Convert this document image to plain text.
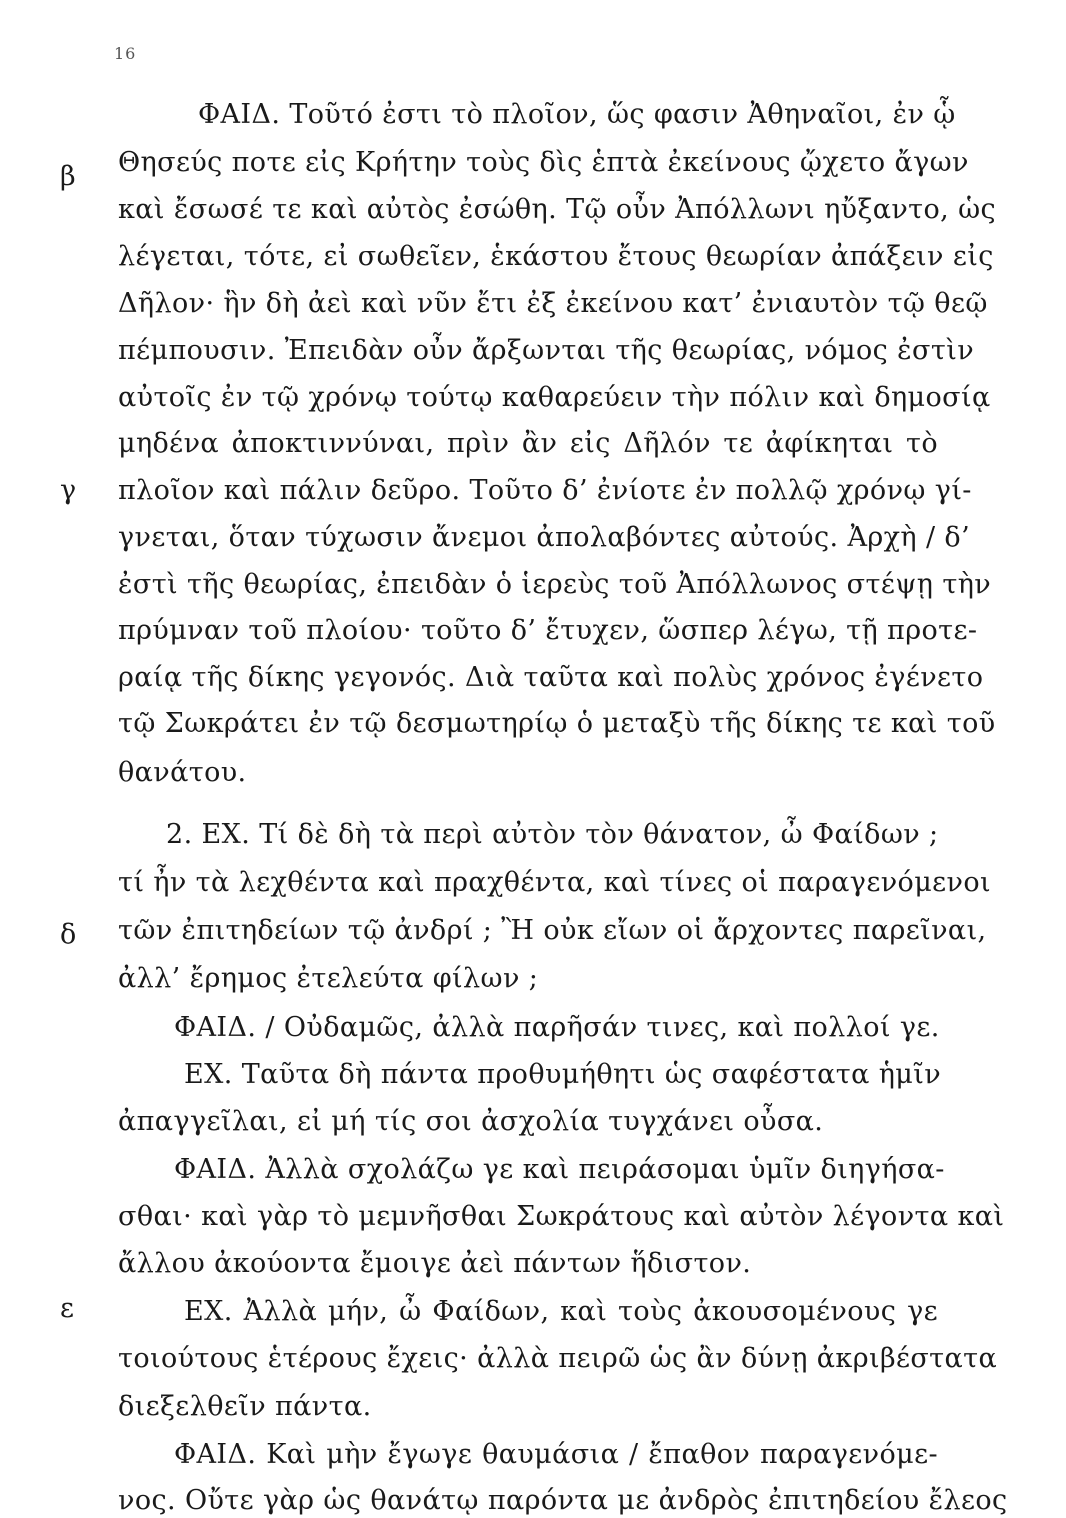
16
β
γ
δ
ε
ΦΑΙΔ. Τοῦτό ἐστι τὸ πλοῖον, ὥς φασιν Ἀθηναῖοι, ἐν ᾧ
Θησεύς ποτε εἰς Κρήτην τοὺς δὶς ἑπτὰ ἐκείνους ᾤχετο ἄγων
καὶ ἔσωσέ τε καὶ αὐτὸς ἐσώθη. Τῷ οὖν Ἀπόλλωνι ηὔξαντο, ὡς
λέγεται, τότε, εἰ σωθεῖεν, ἑκάστου ἔτους θεωρίαν ἀπάξειν εἰς
Δῆλον· ἣν δὴ ἀεὶ καὶ νῦν ἔτι ἐξ ἐκείνου κατ’ ἐνιαυτὸν τῷ θεῷ
πέμπουσιν. Ἐπειδὰν οὖν ἄρξωνται τῆς θεωρίας, νόμος ἐστὶν
αὐτοῖς ἐν τῷ χρόνῳ τούτῳ καθαρεύειν τὴν πόλιν καὶ δημοσίᾳ
μηδένα ἀποκτιννύναι, πρὶν ἂν εἰς Δῆλόν τε ἀφίκηται τὸ
πλοῖον καὶ πάλιν δεῦρο. Τοῦτο δ’ ἐνίοτε ἐν πολλῷ χρόνῳ γί-
γνεται, ὅταν τύχωσιν ἄνεμοι ἀπολαβόντες αὐτούς. Ἀρχὴ / δ’
ἐστὶ τῆς θεωρίας, ἐπειδὰν ὁ ἱερεὺς τοῦ Ἀπόλλωνος στέψῃ τὴν
πρύμναν τοῦ πλοίου· τοῦτο δ’ ἔτυχεν, ὥσπερ λέγω, τῇ προτε-
ραίᾳ τῆς δίκης γεγονός. Διὰ ταῦτα καὶ πολὺς χρόνος ἐγένετο
τῷ Σωκράτει ἐν τῷ δεσμωτηρίῳ ὁ μεταξὺ τῆς δίκης τε καὶ τοῦ
θανάτου.
2. ΕΧ. Τί δὲ δὴ τὰ περὶ αὐτὸν τὸν θάνατον, ὦ Φαίδων ;
τί ἦν τὰ λεχθέντα καὶ πραχθέντα, καὶ τίνες οἱ παραγενόμενοι
τῶν ἐπιτηδείων τῷ ἀνδρί ; Ἢ οὐκ εἴων οἱ ἄρχοντες παρεῖναι,
ἀλλ’ ἔρημος ἐτελεύτα φίλων ;
ΦΑΙΔ. / Οὐδαμῶς, ἀλλὰ παρῆσάν τινες, καὶ πολλοί γε.
ΕΧ. Ταῦτα δὴ πάντα προθυμήθητι ὡς σαφέστατα ἡμῖν
ἀπαγγεῖλαι, εἰ μή τίς σοι ἀσχολία τυγχάνει οὖσα.
ΦΑΙΔ. Ἀλλὰ σχολάζω γε καὶ πειράσομαι ὑμῖν διηγήσα-
σθαι· καὶ γὰρ τὸ μεμνῆσθαι Σωκράτους καὶ αὐτὸν λέγοντα καὶ
ἄλλου ἀκούοντα ἔμοιγε ἀεὶ πάντων ἥδιστον.
ΕΧ. Ἀλλὰ μήν, ὦ Φαίδων, καὶ τοὺς ἀκουσομένους γε
τοιούτους ἑτέρους ἔχεις· ἀλλὰ πειρῶ ὡς ἂν δύνῃ ἀκριβέστατα
διεξελθεῖν πάντα.
ΦΑΙΔ. Καὶ μὴν ἔγωγε θαυμάσια / ἔπαθον παραγενόμε-
νος. Οὔτε γὰρ ὡς θανάτῳ παρόντα με ἀνδρὸς ἐπιτηδείου ἔλεος
